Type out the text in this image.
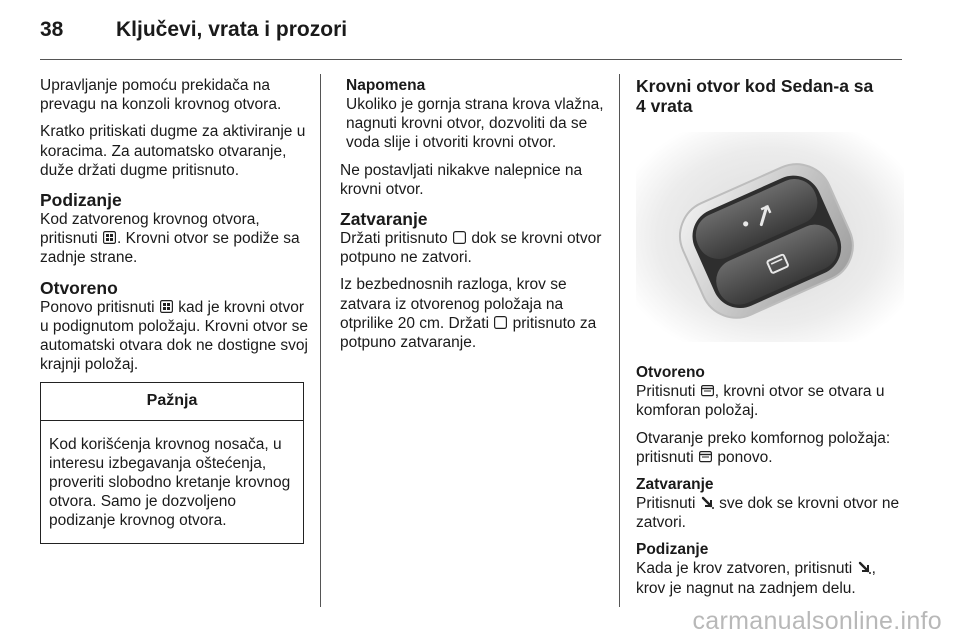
38	Ključevi, vrata i prozori

Upravljanje pomoću prekidača na prevagu na konzoli krovnog otvora.

Kratko pritiskati dugme za aktiviranje u koracima. Za automatsko otvaranje, duže držati dugme pritisnuto.

Podizanje

Kod zatvorenog krovnog otvora, pritisnuti . Krovni otvor se podiže sa zadnje strane.

Otvoreno

Ponovo pritisnuti kad je krovni otvor u podignutom položaju. Krovni otvor se automatski otvara dok ne dostigne svoj krajnji položaj.

Pažnja
Kod korišćenja krovnog nosača, u interesu izbegavanja oštećenja, proveriti slobodno kretanje krovnog otvora. Samo je dozvoljeno podizanje krovnog otvora.
Napomena
Ukoliko je gornja strana krova vlažna, nagnuti krovni otvor, dozvoliti da se voda slije i otvoriti krovni otvor.

Ne postavljati nikakve nalepnice na krovni otvor.

Zatvaranje

Držati pritisnuto dok se krovni otvor potpuno ne zatvori.

Iz bezbednosnih razloga, krov se zatvara iz otvorenog položaja na otprilike 20 cm. Držati pritisnuto za potpuno zatvaranje.

Krovni otvor kod Sedan-a sa 4 vrata
Otvoreno

Pritisnuti , krovni otvor se otvara u komforan položaj.

Otvaranje preko komfornog položaja: pritisnuti ponovo.

Zatvaranje

Pritisnuti sve dok se krovni otvor ne zatvori.

Podizanje

Kada je krov zatvoren, pritisnuti , krov je nagnut na zadnjem delu.

carmanualsonline.info
